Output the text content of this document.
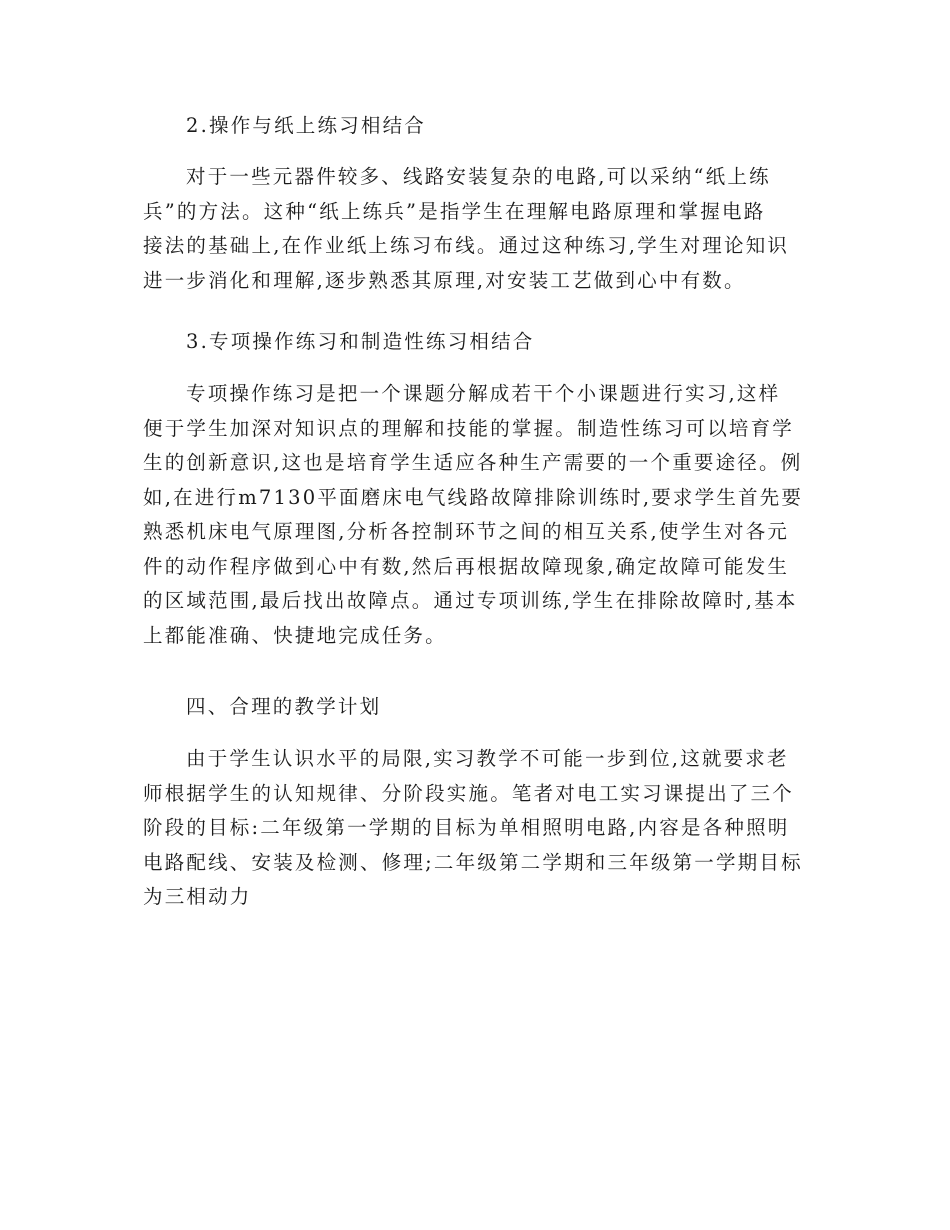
2.操作与纸上练习相结合
对于一些元器件较多、线路安装复杂的电路,可以采纳“纸上练
兵”的方法。这种“纸上练兵”是指学生在理解电路原理和掌握电路
接法的基础上,在作业纸上练习布线。通过这种练习,学生对理论知识
进一步消化和理解,逐步熟悉其原理,对安装工艺做到心中有数。
3.专项操作练习和制造性练习相结合
专项操作练习是把一个课题分解成若干个小课题进行实习,这样
便于学生加深对知识点的理解和技能的掌握。制造性练习可以培育学
生的创新意识,这也是培育学生适应各种生产需要的一个重要途径。例
如,在进行m7130平面磨床电气线路故障排除训练时,要求学生首先要
熟悉机床电气原理图,分析各控制环节之间的相互关系,使学生对各元
件的动作程序做到心中有数,然后再根据故障现象,确定故障可能发生
的区域范围,最后找出故障点。通过专项训练,学生在排除故障时,基本
上都能准确、快捷地完成任务。
四、合理的教学计划
由于学生认识水平的局限,实习教学不可能一步到位,这就要求老
师根据学生的认知规律、分阶段实施。笔者对电工实习课提出了三个
阶段的目标:二年级第一学期的目标为单相照明电路,内容是各种照明
电路配线、安装及检测、修理;二年级第二学期和三年级第一学期目标
为三相动力
